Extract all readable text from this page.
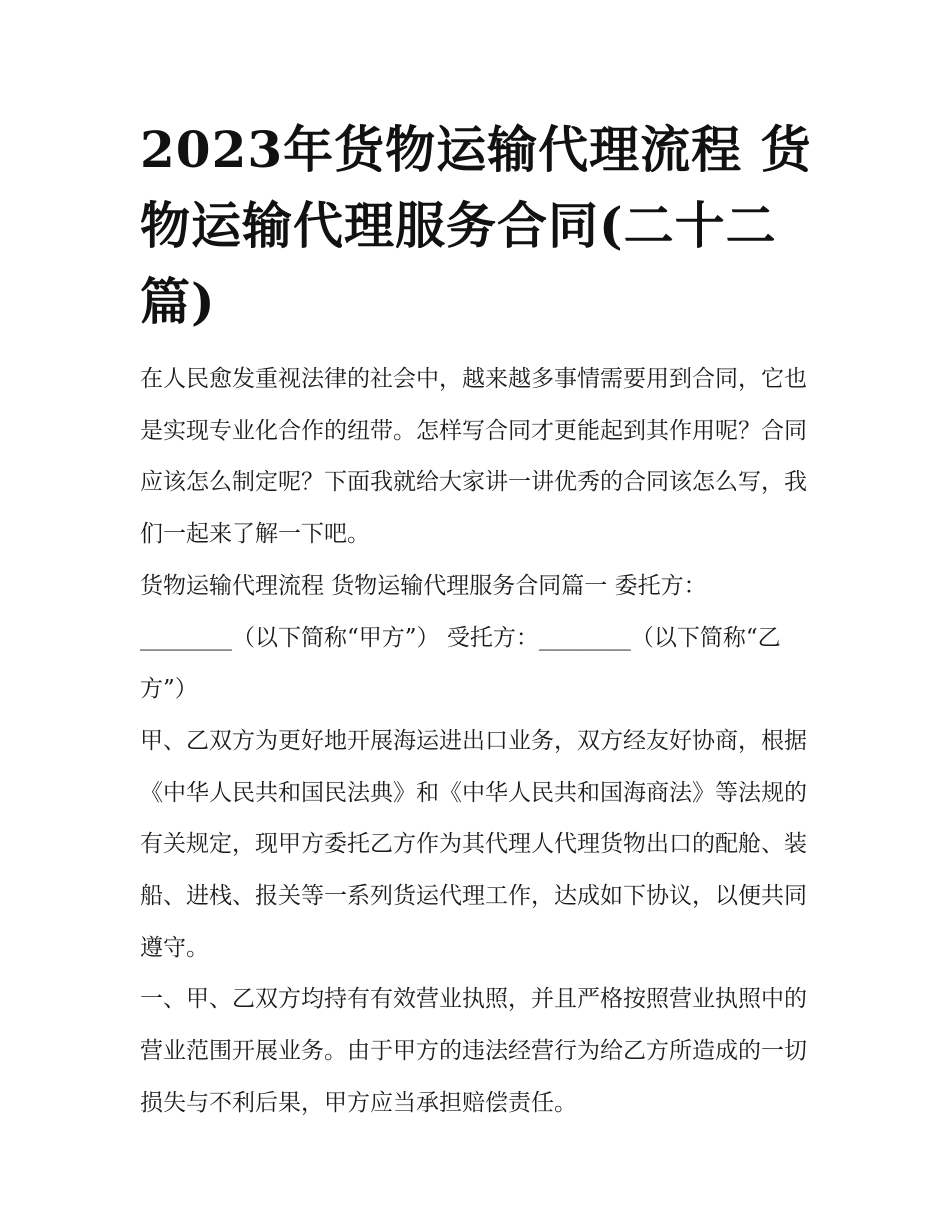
2023年货物运输代理流程 货物运输代理服务合同(二十二篇)

在人民愈发重视法律的社会中，越来越多事情需要用到合同，它也是实现专业化合作的纽带。怎样写合同才更能起到其作用呢？合同应该怎么制定呢？下面我就给大家讲一讲优秀的合同该怎么写，我们一起来了解一下吧。

货物运输代理流程 货物运输代理服务合同篇一 委托方：

________（以下简称“甲方”） 受托方：________（以下简称“乙方”）

甲、乙双方为更好地开展海运进出口业务，双方经友好协商，根据《中华人民共和国民法典》和《中华人民共和国海商法》等法规的有关规定，现甲方委托乙方作为其代理人代理货物出口的配舱、装船、进栈、报关等一系列货运代理工作，达成如下协议，以便共同遵守。

一、甲、乙双方均持有有效营业执照，并且严格按照营业执照中的营业范围开展业务。由于甲方的违法经营行为给乙方所造成的一切损失与不利后果，甲方应当承担赔偿责任。
